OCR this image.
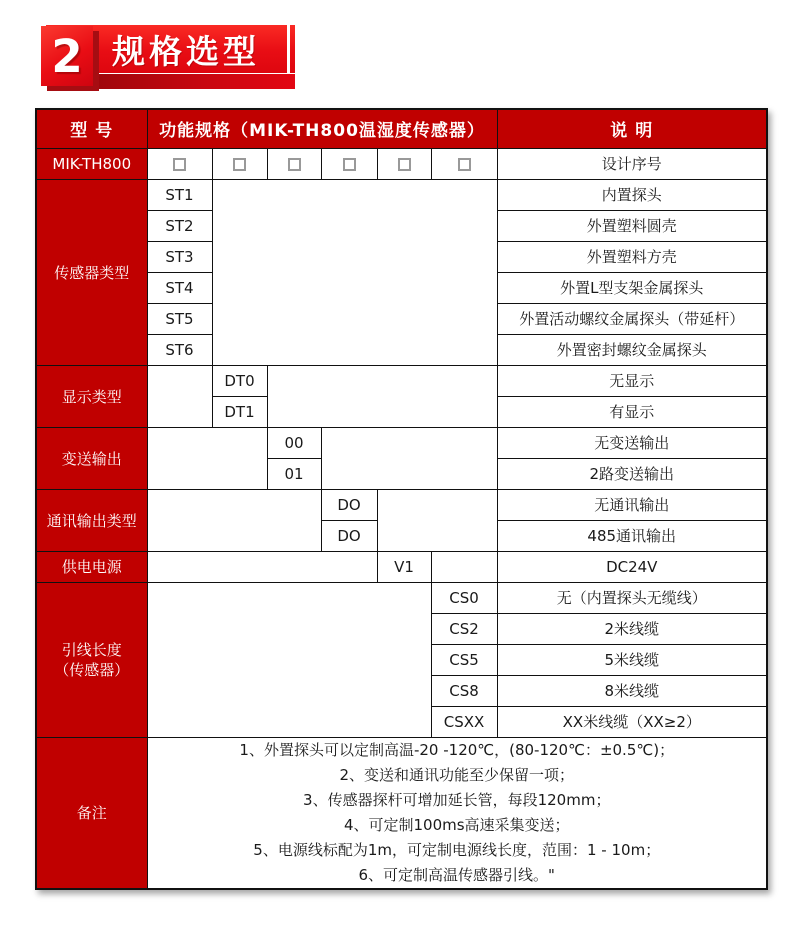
规格选型
2
型 号	功能规格（MIK-TH800温湿度传感器）						说 明
MIK-TH800							设计序号
传感器类型	ST1						内置探头
	ST2						外置塑料圆壳
	ST3						外置塑料方壳
	ST4						外置L型支架金属探头
	ST5						外置活动螺纹金属探头（带延杆）
	ST6						外置密封螺纹金属探头
显示类型		DT0					无显示
		DT1					有显示
变送输出			00				无变送输出
			01				2路变送输出
通讯输出类型				DO			无通讯输出
				DO			485通讯输出
供电电源					V1		DC24V

引线长度
（传感器）						CS0	无（内置探头无缆线）
						CS2	2米线缆
						CS5	5米线缆
						CS8	8米线缆
						CSXX	XX米线缆（XX≥2）
备注	
1、外置探头可以定制高温-20 -120℃，(80-120℃：±0.5℃)；
2、变送和通讯功能至少保留一项；
3、传感器探杆可增加延长管，每段120mm；
4、可定制100ms高速采集变送；
5、电源线标配为1m，可定制电源线长度，范围：1 - 10m；
6、可定制高温传感器引线。"
